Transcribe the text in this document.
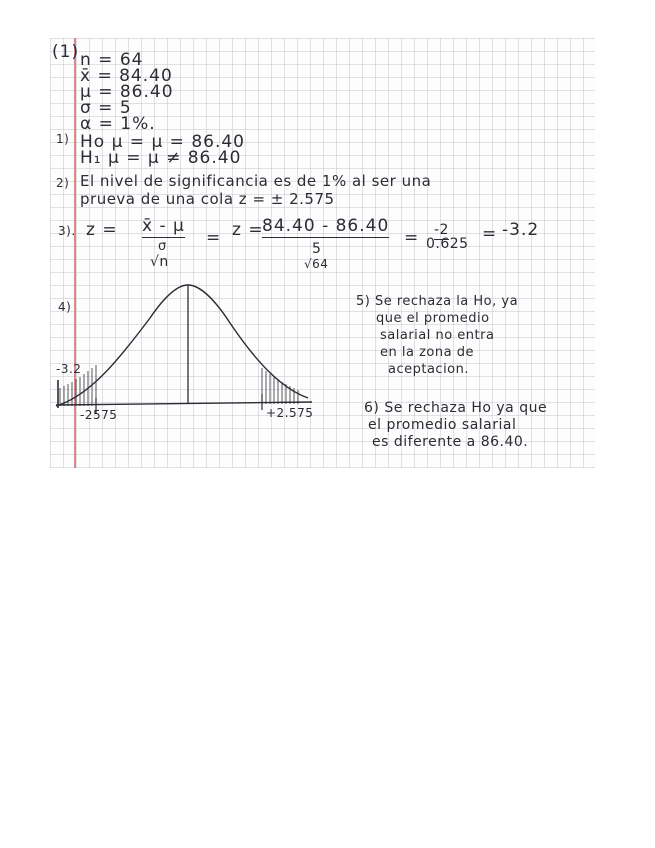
(1) n = 64
x̄ = 84.40
μ = 86.40
σ = 5
α = 1%.
1) Ho μ = μ = 86.40
H₁ μ = μ ≠ 86.40
2) El nivel de significancia es de 1% al ser una
prueva de una cola z = ± 2.575
3). z = x̄ - μ
σ
√n
= z =
84.40 - 86.40
5
√64
= -2
0.625 = -3.2
4)
-3.2
-2575	+2.575
5) Se rechaza la Ho, ya
que el promedio
salarial no entra
en la zona de
aceptacion.
6) Se rechaza Ho ya que
el promedio salarial
es diferente a 86.40.
